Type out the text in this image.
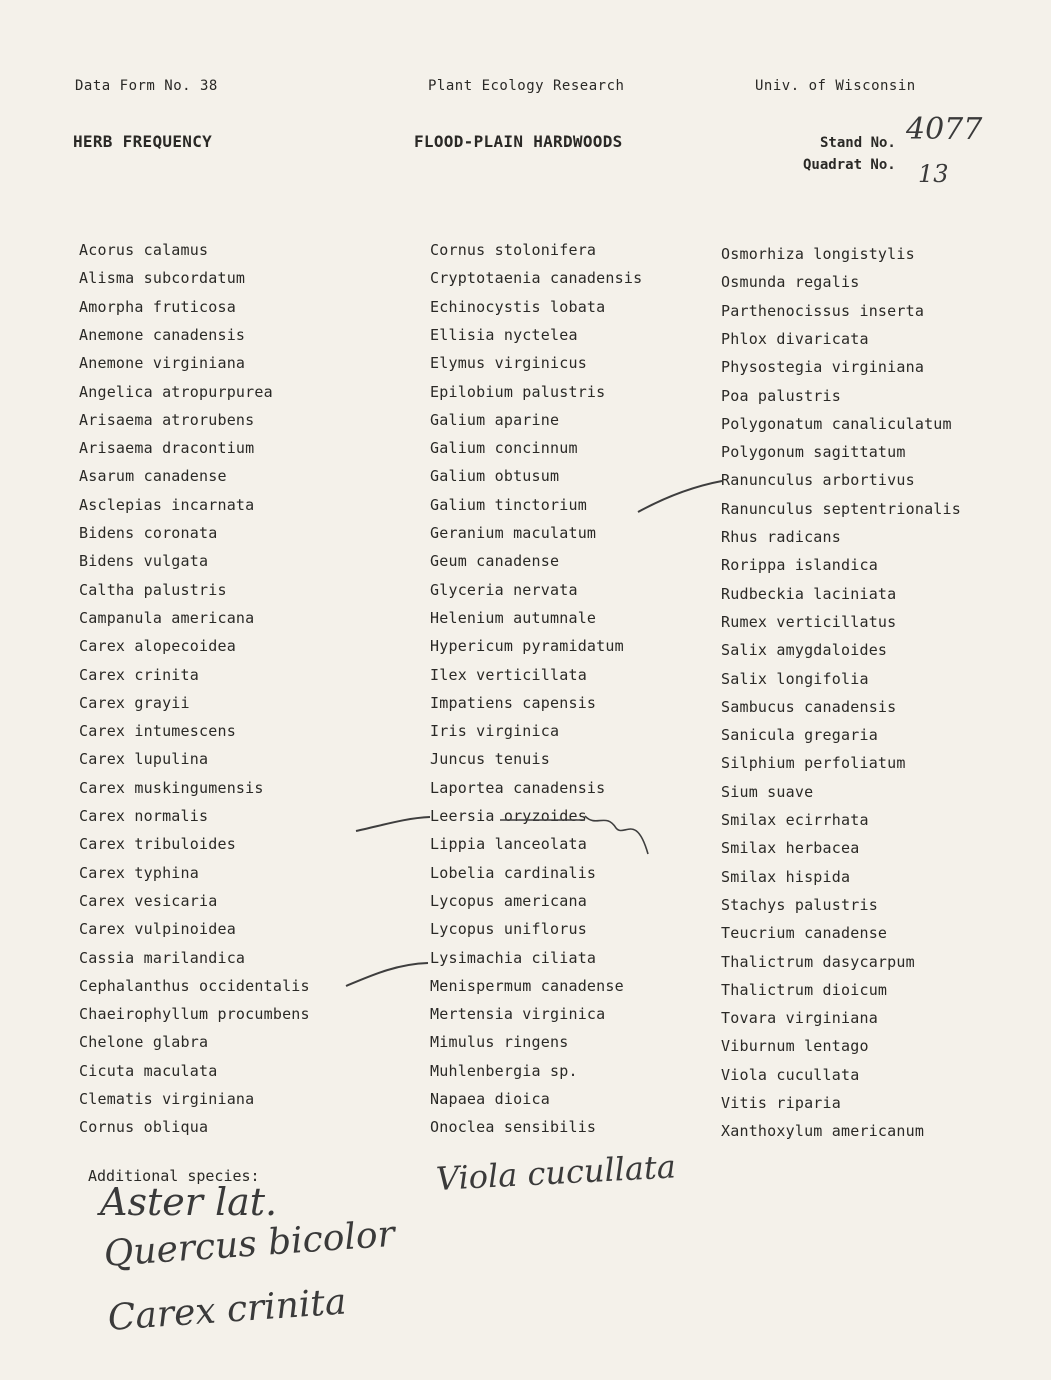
Data Form No. 38	Plant Ecology Research	Univ. of Wisconsin
HERB FREQUENCY	FLOOD-PLAIN HARDWOODS	Stand No. 4077
Quadrat No. 13
Acorus calamus
Alisma subcordatum
Amorpha fruticosa
Anemone canadensis
Anemone virginiana
Angelica atropurpurea
Arisaema atrorubens
Arisaema dracontium
Asarum canadense
Asclepias incarnata
Bidens coronata
Bidens vulgata
Caltha palustris
Campanula americana
Carex alopecoidea
Carex crinita
Carex grayii
Carex intumescens
Carex lupulina
Carex muskingumensis
Carex normalis
Carex tribuloides
Carex typhina
Carex vesicaria
Carex vulpinoidea
Cassia marilandica
Cephalanthus occidentalis
Chaeirophyllum procumbens
Chelone glabra
Cicuta maculata
Clematis virginiana
Cornus obliqua
Cornus stolonifera
Cryptotaenia canadensis
Echinocystis lobata
Ellisia nyctelea
Elymus virginicus
Epilobium palustris
Galium aparine
Galium concinnum
Galium obtusum
Galium tinctorium
Geranium maculatum
Geum canadense
Glyceria nervata
Helenium autumnale
Hypericum pyramidatum
Ilex verticillata
Impatiens capensis
Iris virginica
Juncus tenuis
Laportea canadensis
Leersia oryzoides
Lippia lanceolata
Lobelia cardinalis
Lycopus americana
Lycopus uniflorus
Lysimachia ciliata
Menispermum canadense
Mertensia virginica
Mimulus ringens
Muhlenbergia sp.
Napaea dioica
Onoclea sensibilis
Osmorhiza longistylis
Osmunda regalis
Parthenocissus inserta
Phlox divaricata
Physostegia virginiana
Poa palustris
Polygonatum canaliculatum
Polygonum sagittatum
Ranunculus arbortivus
Ranunculus septentrionalis
Rhus radicans
Rorippa islandica
Rudbeckia laciniata
Rumex verticillatus
Salix amygdaloides
Salix longifolia
Sambucus canadensis
Sanicula gregaria
Silphium perfoliatum
Sium suave
Smilax ecirrhata
Smilax herbacea
Smilax hispida
Stachys palustris
Teucrium canadense
Thalictrum dasycarpum
Thalictrum dioicum
Tovara virginiana
Viburnum lentago
Viola cucullata
Vitis riparia
Xanthoxylum americanum
Additional species:
Aster lat.
Quercus bicolor
Carex crinita
Viola cucullata
